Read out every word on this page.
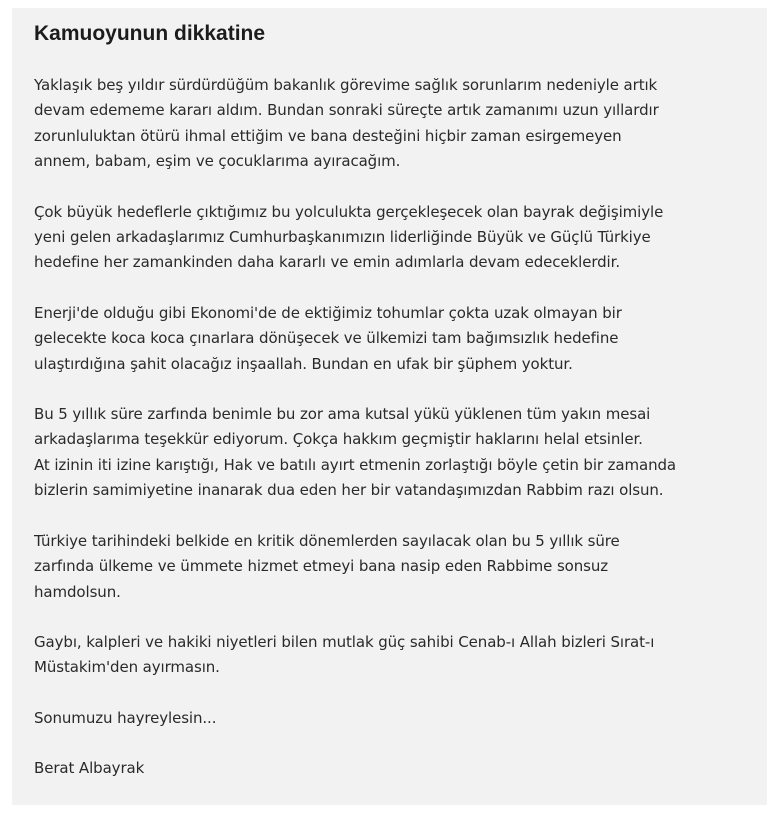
Kamuoyunun dikkatine

Yaklaşık beş yıldır sürdürdüğüm bakanlık görevime sağlık sorunlarım nedeniyle artık
devam edememe kararı aldım. Bundan sonraki süreçte artık zamanımı uzun yıllardır
zorunluluktan ötürü ihmal ettiğim ve bana desteğini hiçbir zaman esirgemeyen
annem, babam, eşim ve çocuklarıma ayıracağım.

Çok büyük hedeflerle çıktığımız bu yolculukta gerçekleşecek olan bayrak değişimiyle
yeni gelen arkadaşlarımız Cumhurbaşkanımızın liderliğinde Büyük ve Güçlü Türkiye
hedefine her zamankinden daha kararlı ve emin adımlarla devam edeceklerdir.

Enerji'de olduğu gibi Ekonomi'de de ektiğimiz tohumlar çokta uzak olmayan bir
gelecekte koca koca çınarlara dönüşecek ve ülkemizi tam bağımsızlık hedefine
ulaştırdığına şahit olacağız inşaallah. Bundan en ufak bir şüphem yoktur.

Bu 5 yıllık süre zarfında benimle bu zor ama kutsal yükü yüklenen tüm yakın mesai
arkadaşlarıma teşekkür ediyorum. Çokça hakkım geçmiştir haklarını helal etsinler.
At izinin iti izine karıştığı, Hak ve batılı ayırt etmenin zorlaştığı böyle çetin bir zamanda
bizlerin samimiyetine inanarak dua eden her bir vatandaşımızdan Rabbim razı olsun.

Türkiye tarihindeki belkide en kritik dönemlerden sayılacak olan bu 5 yıllık süre
zarfında ülkeme ve ümmete hizmet etmeyi bana nasip eden Rabbime sonsuz
hamdolsun.

Gaybı, kalpleri ve hakiki niyetleri bilen mutlak güç sahibi Cenab-ı Allah bizleri Sırat-ı
Müstakim'den ayırmasın.

Sonumuzu hayreylesin...

Berat Albayrak
